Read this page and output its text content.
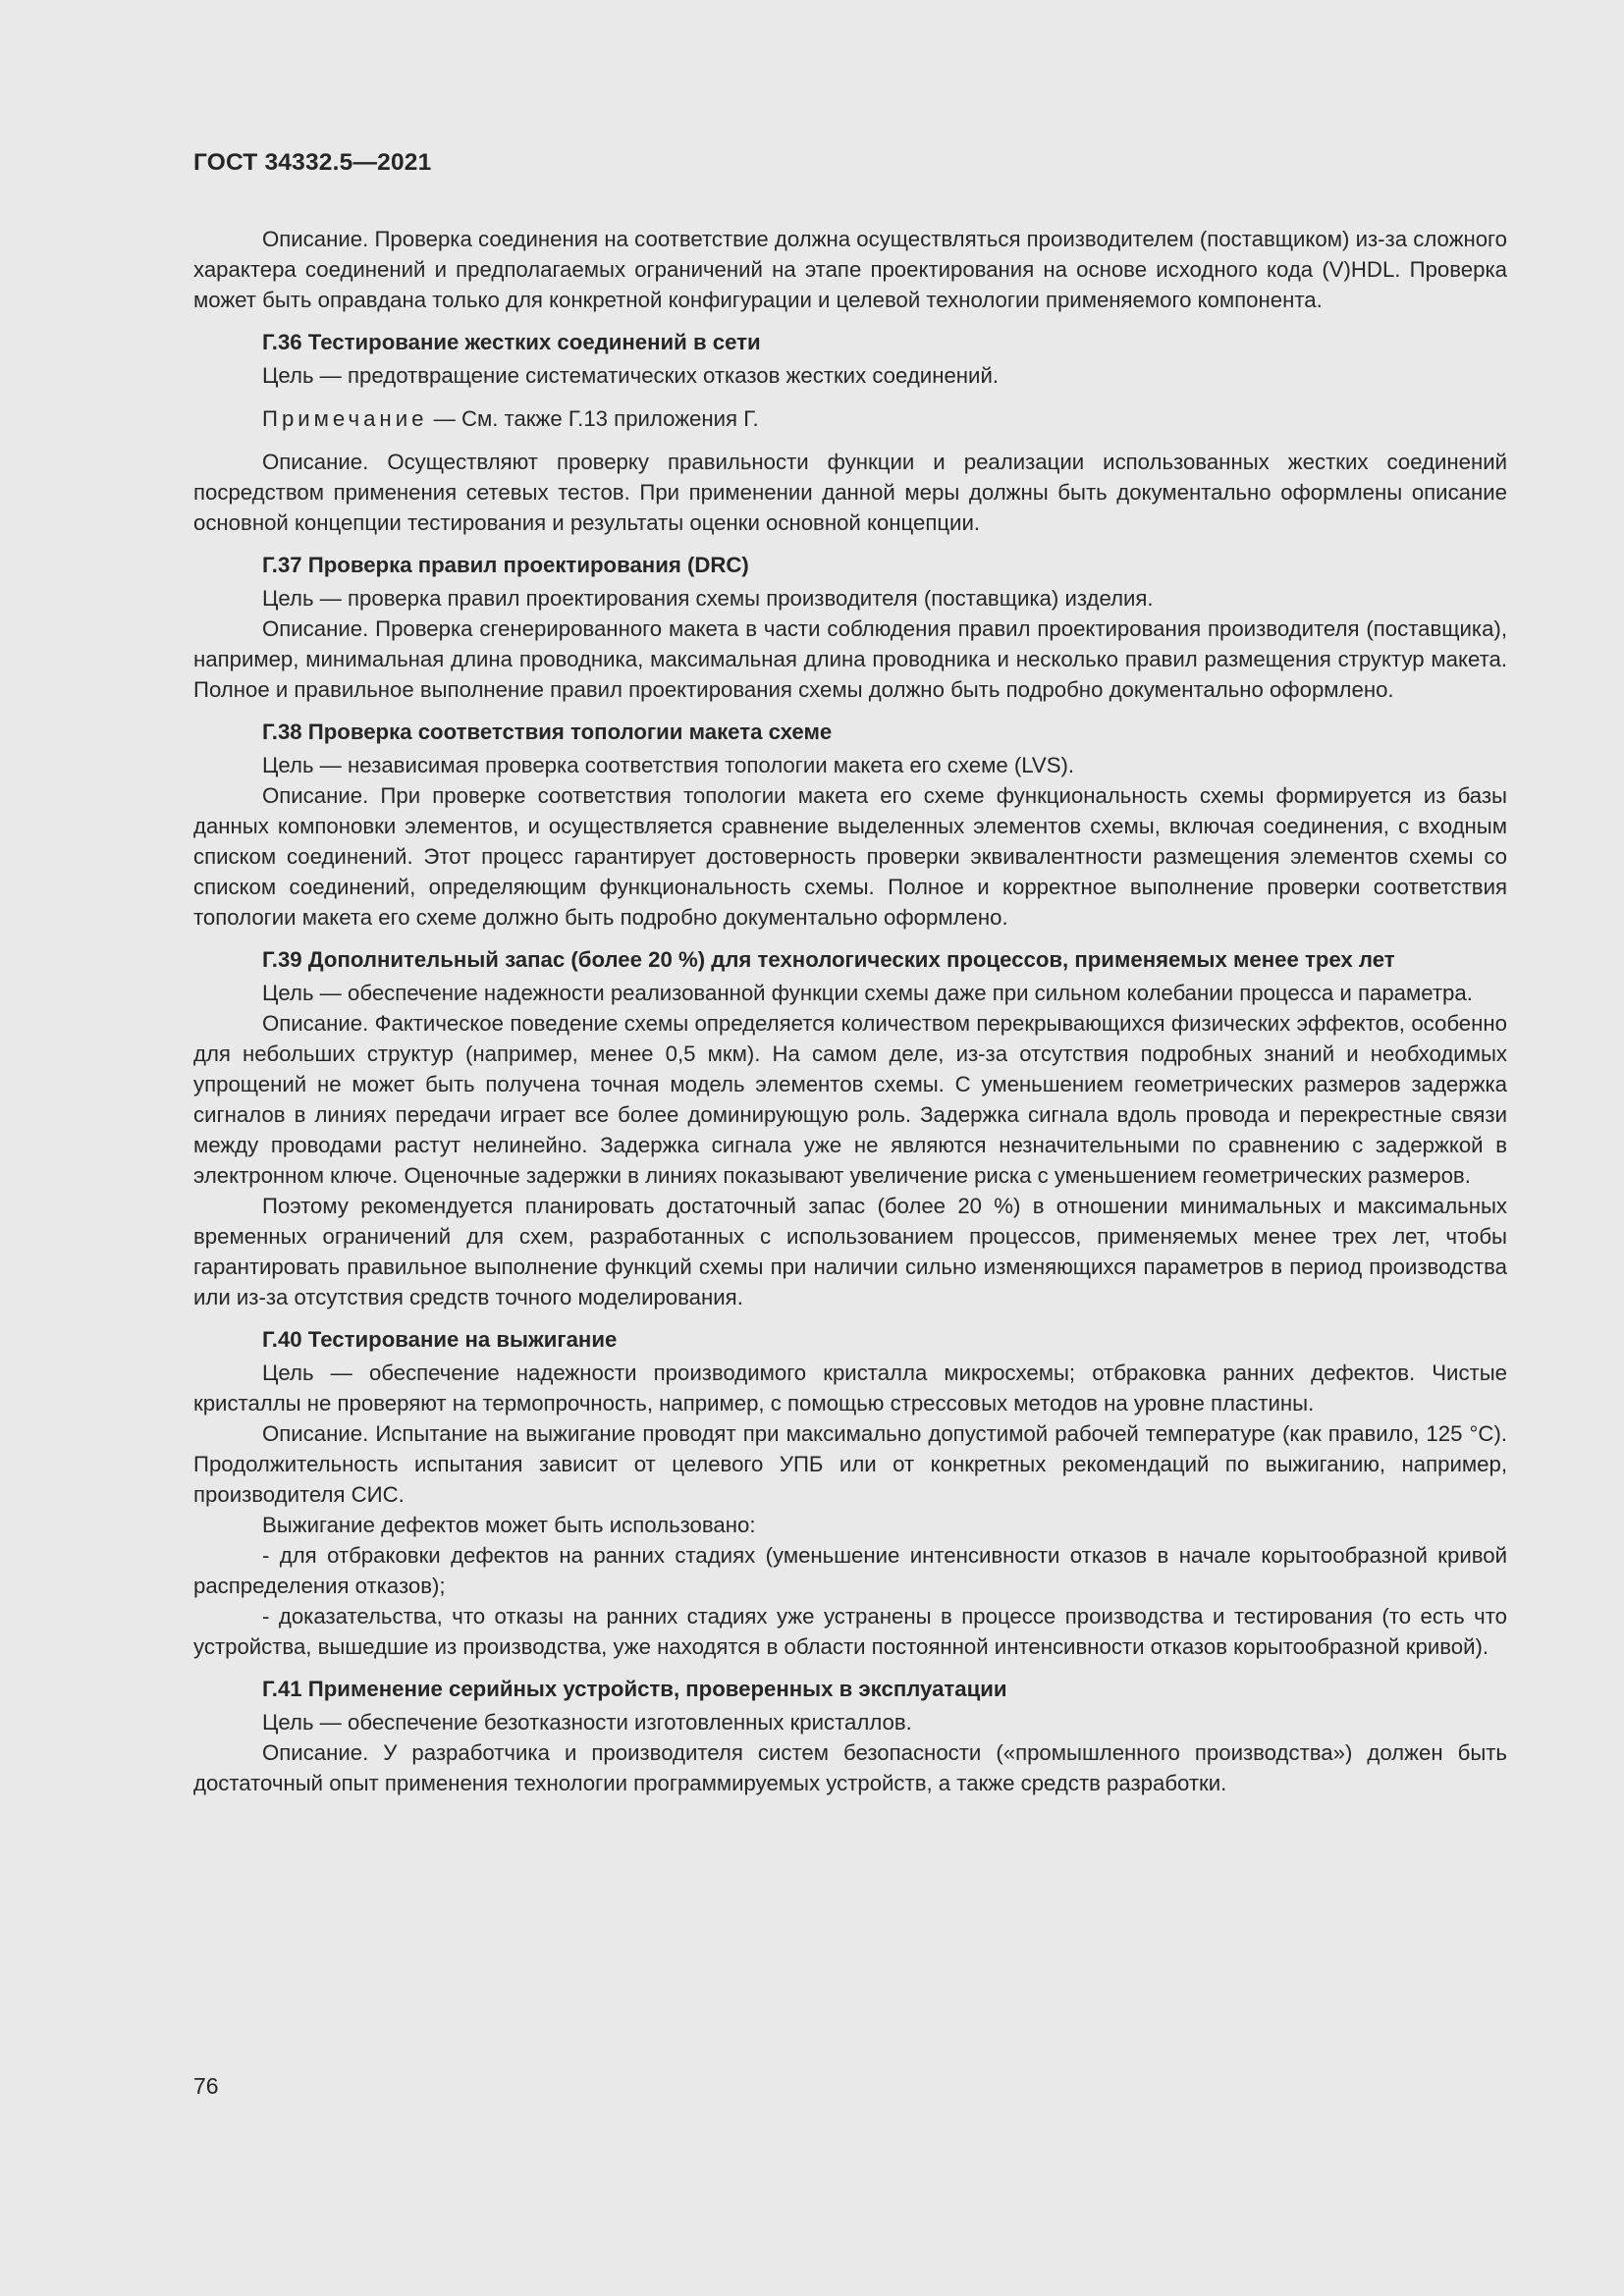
ГОСТ 34332.5—2021

Описание. Проверка соединения на соответствие должна осуществляться производителем (поставщиком) из-за сложного характера соединений и предполагаемых ограничений на этапе проектирования на основе исходного кода (V)HDL. Проверка может быть оправдана только для конкретной конфигурации и целевой технологии применяемого компонента.

Г.36 Тестирование жестких соединений в сети

Цель — предотвращение систематических отказов жестких соединений.

Примечание — См. также Г.13 приложения Г.

Описание. Осуществляют проверку правильности функции и реализации использованных жестких соединений посредством применения сетевых тестов. При применении данной меры должны быть документально оформлены описание основной концепции тестирования и результаты оценки основной концепции.

Г.37 Проверка правил проектирования (DRC)

Цель — проверка правил проектирования схемы производителя (поставщика) изделия.

Описание. Проверка сгенерированного макета в части соблюдения правил проектирования производителя (поставщика), например, минимальная длина проводника, максимальная длина проводника и несколько правил размещения структур макета. Полное и правильное выполнение правил проектирования схемы должно быть подробно документально оформлено.

Г.38 Проверка соответствия топологии макета схеме

Цель — независимая проверка соответствия топологии макета его схеме (LVS).

Описание. При проверке соответствия топологии макета его схеме функциональность схемы формируется из базы данных компоновки элементов, и осуществляется сравнение выделенных элементов схемы, включая соединения, с входным списком соединений. Этот процесс гарантирует достоверность проверки эквивалентности размещения элементов схемы со списком соединений, определяющим функциональность схемы. Полное и корректное выполнение проверки соответствия топологии макета его схеме должно быть подробно документально оформлено.

Г.39 Дополнительный запас (более 20 %) для технологических процессов, применяемых менее трех лет

Цель — обеспечение надежности реализованной функции схемы даже при сильном колебании процесса и параметра.

Описание. Фактическое поведение схемы определяется количеством перекрывающихся физических эффектов, особенно для небольших структур (например, менее 0,5 мкм). На самом деле, из-за отсутствия подробных знаний и необходимых упрощений не может быть получена точная модель элементов схемы. С уменьшением геометрических размеров задержка сигналов в линиях передачи играет все более доминирующую роль. Задержка сигнала вдоль провода и перекрестные связи между проводами растут нелинейно. Задержка сигнала уже не являются незначительными по сравнению с задержкой в электронном ключе. Оценочные задержки в линиях показывают увеличение риска с уменьшением геометрических размеров.

Поэтому рекомендуется планировать достаточный запас (более 20 %) в отношении минимальных и максимальных временных ограничений для схем, разработанных с использованием процессов, применяемых менее трех лет, чтобы гарантировать правильное выполнение функций схемы при наличии сильно изменяющихся параметров в период производства или из-за отсутствия средств точного моделирования.

Г.40 Тестирование на выжигание

Цель — обеспечение надежности производимого кристалла микросхемы; отбраковка ранних дефектов. Чистые кристаллы не проверяют на термопрочность, например, с помощью стрессовых методов на уровне пластины.

Описание. Испытание на выжигание проводят при максимально допустимой рабочей температуре (как правило, 125 °C). Продолжительность испытания зависит от целевого УПБ или от конкретных рекомендаций по выжиганию, например, производителя СИС.

Выжигание дефектов может быть использовано:

- для отбраковки дефектов на ранних стадиях (уменьшение интенсивности отказов в начале корытообразной кривой распределения отказов);

- доказательства, что отказы на ранних стадиях уже устранены в процессе производства и тестирования (то есть что устройства, вышедшие из производства, уже находятся в области постоянной интенсивности отказов корытообразной кривой).

Г.41 Применение серийных устройств, проверенных в эксплуатации

Цель — обеспечение безотказности изготовленных кристаллов.

Описание. У разработчика и производителя систем безопасности («промышленного производства») должен быть достаточный опыт применения технологии программируемых устройств, а также средств разработки.

76
